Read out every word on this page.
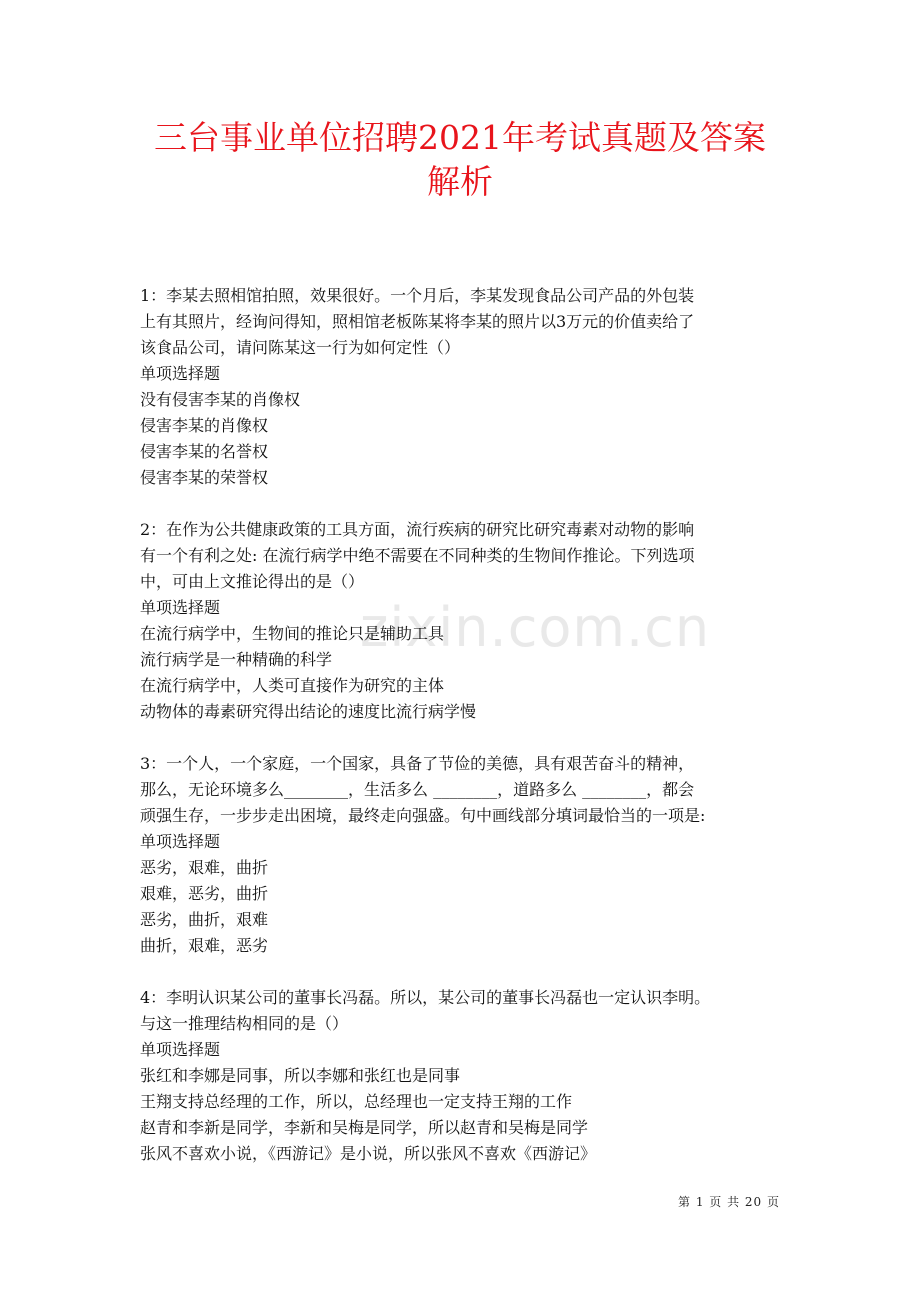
三台事业单位招聘2021年考试真题及答案
解析
zixin.com.cn
1：李某去照相馆拍照，效果很好。一个月后，李某发现食品公司产品的外包装
上有其照片，经询问得知，照相馆老板陈某将李某的照片以3万元的价值卖给了
该食品公司，请问陈某这一行为如何定性（）
单项选择题
没有侵害李某的肖像权
侵害李某的肖像权
侵害李某的名誉权
侵害李某的荣誉权
2：在作为公共健康政策的工具方面，流行疾病的研究比研究毒素对动物的影响
有一个有利之处: 在流行病学中绝不需要在不同种类的生物间作推论。下列选项
中，可由上文推论得出的是（）
单项选择题
在流行病学中，生物间的推论只是辅助工具
流行病学是一种精确的科学
在流行病学中，人类可直接作为研究的主体
动物体的毒素研究得出结论的速度比流行病学慢
3：一个人，一个家庭，一个国家，具备了节俭的美德，具有艰苦奋斗的精神，
那么，无论环境多么________，生活多么 ________，道路多么 ________，都会
顽强生存，一步步走出困境，最终走向强盛。句中画线部分填词最恰当的一项是:
单项选择题
恶劣，艰难，曲折
艰难，恶劣，曲折
恶劣，曲折，艰难
曲折，艰难，恶劣
4：李明认识某公司的董事长冯磊。所以，某公司的董事长冯磊也一定认识李明。
与这一推理结构相同的是（）
单项选择题
张红和李娜是同事，所以李娜和张红也是同事
王翔支持总经理的工作，所以，总经理也一定支持王翔的工作
赵青和李新是同学，李新和吴梅是同学，所以赵青和吴梅是同学
张风不喜欢小说，《西游记》是小说，所以张风不喜欢《西游记》
第 1 页 共 20 页
